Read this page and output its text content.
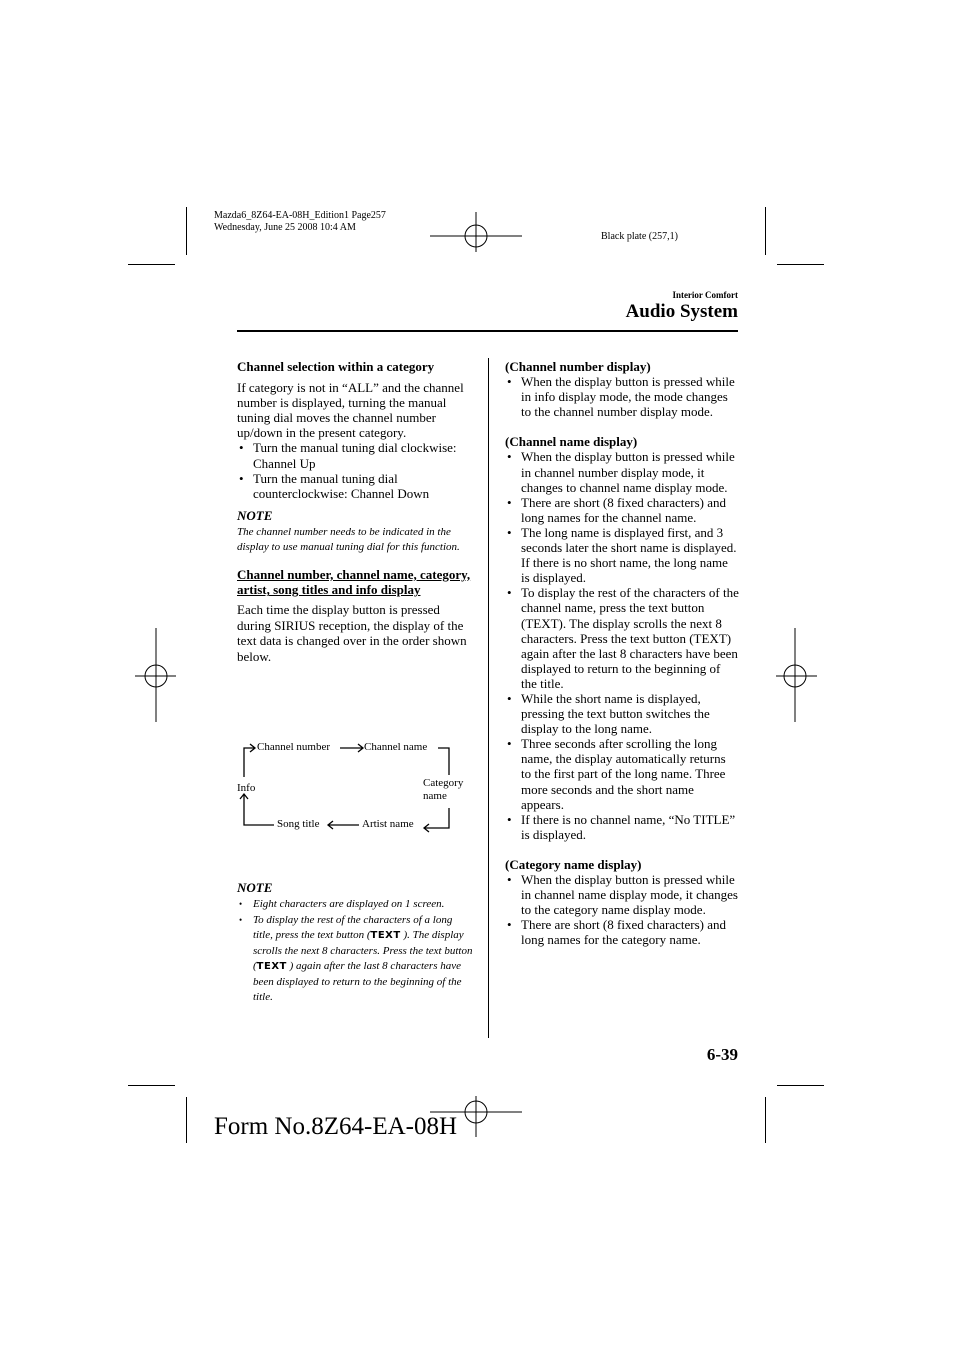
Mazda6_8Z64-EA-08H_Edition1 Page257
Wednesday, June 25 2008 10:4 AM
Black plate (257,1)
Interior Comfort
Audio System
Channel selection within a category
If category is not in “ALL” and the channel number is displayed, turning the manual tuning dial moves the channel number up/down in the present category.
• Turn the manual tuning dial clockwise: Channel Up
• Turn the manual tuning dial counterclockwise: Channel Down
NOTE
The channel number needs to be indicated in the display to use manual tuning dial for this function.
Channel number, channel name, category, artist, song titles and info display
Each time the display button is pressed during SIRIUS reception, the display of the text data is changed over in the order shown below.
Channel number	Channel name
Category
name
Artist name
Song title
Info
NOTE
• Eight characters are displayed on 1 screen.
• To display the rest of the characters of a long title, press the text button (TEXT ). The display scrolls the next 8 characters. Press the text button (TEXT ) again after the last 8 characters have been displayed to return to the beginning of the title.
(Channel number display)
• When the display button is pressed while in info display mode, the mode changes to the channel number display mode.
(Channel name display)
• When the display button is pressed while in channel number display mode, it changes to channel name display mode.
• There are short (8 fixed characters) and long names for the channel name.
• The long name is displayed first, and 3 seconds later the short name is displayed. If there is no short name, the long name is displayed.
• To display the rest of the characters of the channel name, press the text button (TEXT). The display scrolls the next 8 characters. Press the text button (TEXT) again after the last 8 characters have been displayed to return to the beginning of the title.
• While the short name is displayed, pressing the text button switches the display to the long name.
• Three seconds after scrolling the long name, the display automatically returns to the first part of the long name. Three more seconds and the short name appears.
• If there is no channel name, “No TITLE” is displayed.
(Category name display)
• When the display button is pressed while in channel name display mode, it changes to the category name display mode.
• There are short (8 fixed characters) and long names for the category name.
6-39
Form No.8Z64-EA-08H
